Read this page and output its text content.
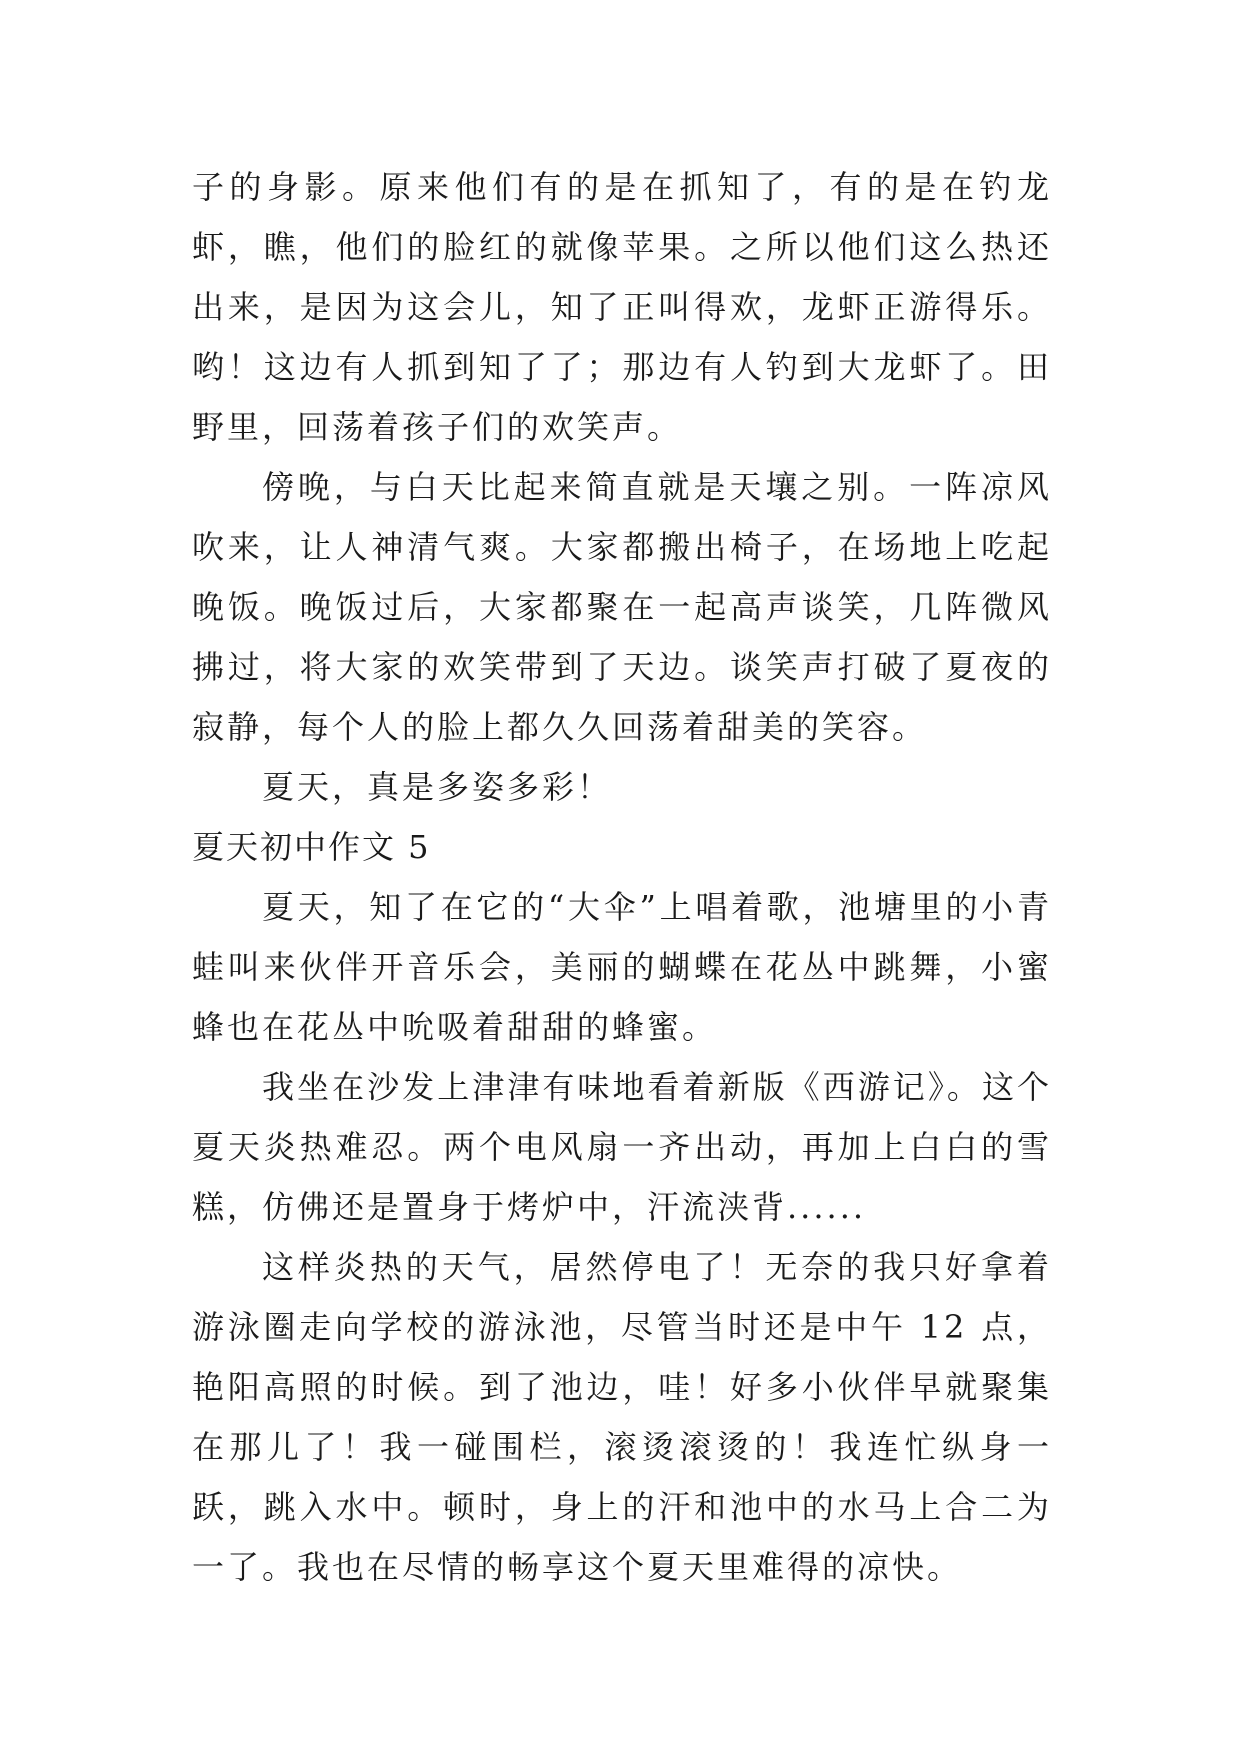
子的身影。原来他们有的是在抓知了，有的是在钓龙虾，瞧，他们的脸红的就像苹果。之所以他们这么热还出来，是因为这会儿，知了正叫得欢，龙虾正游得乐。哟！这边有人抓到知了了；那边有人钓到大龙虾了。田野里，回荡着孩子们的欢笑声。

傍晚，与白天比起来简直就是天壤之别。一阵凉风吹来，让人神清气爽。大家都搬出椅子，在场地上吃起晚饭。晚饭过后，大家都聚在一起高声谈笑，几阵微风拂过，将大家的欢笑带到了天边。谈笑声打破了夏夜的寂静，每个人的脸上都久久回荡着甜美的笑容。

夏天，真是多姿多彩！

夏天初中作文 5

夏天，知了在它的“大伞”上唱着歌，池塘里的小青蛙叫来伙伴开音乐会，美丽的蝴蝶在花丛中跳舞，小蜜蜂也在花丛中吮吸着甜甜的蜂蜜。

我坐在沙发上津津有味地看着新版《西游记》。这个夏天炎热难忍。两个电风扇一齐出动，再加上白白的雪糕，仿佛还是置身于烤炉中，汗流浃背......

这样炎热的天气，居然停电了！无奈的我只好拿着游泳圈走向学校的游泳池，尽管当时还是中午 12 点，艳阳高照的时候。到了池边，哇！好多小伙伴早就聚集在那儿了！我一碰围栏，滚烫滚烫的！我连忙纵身一跃，跳入水中。顿时，身上的汗和池中的水马上合二为一了。我也在尽情的畅享这个夏天里难得的凉快。
